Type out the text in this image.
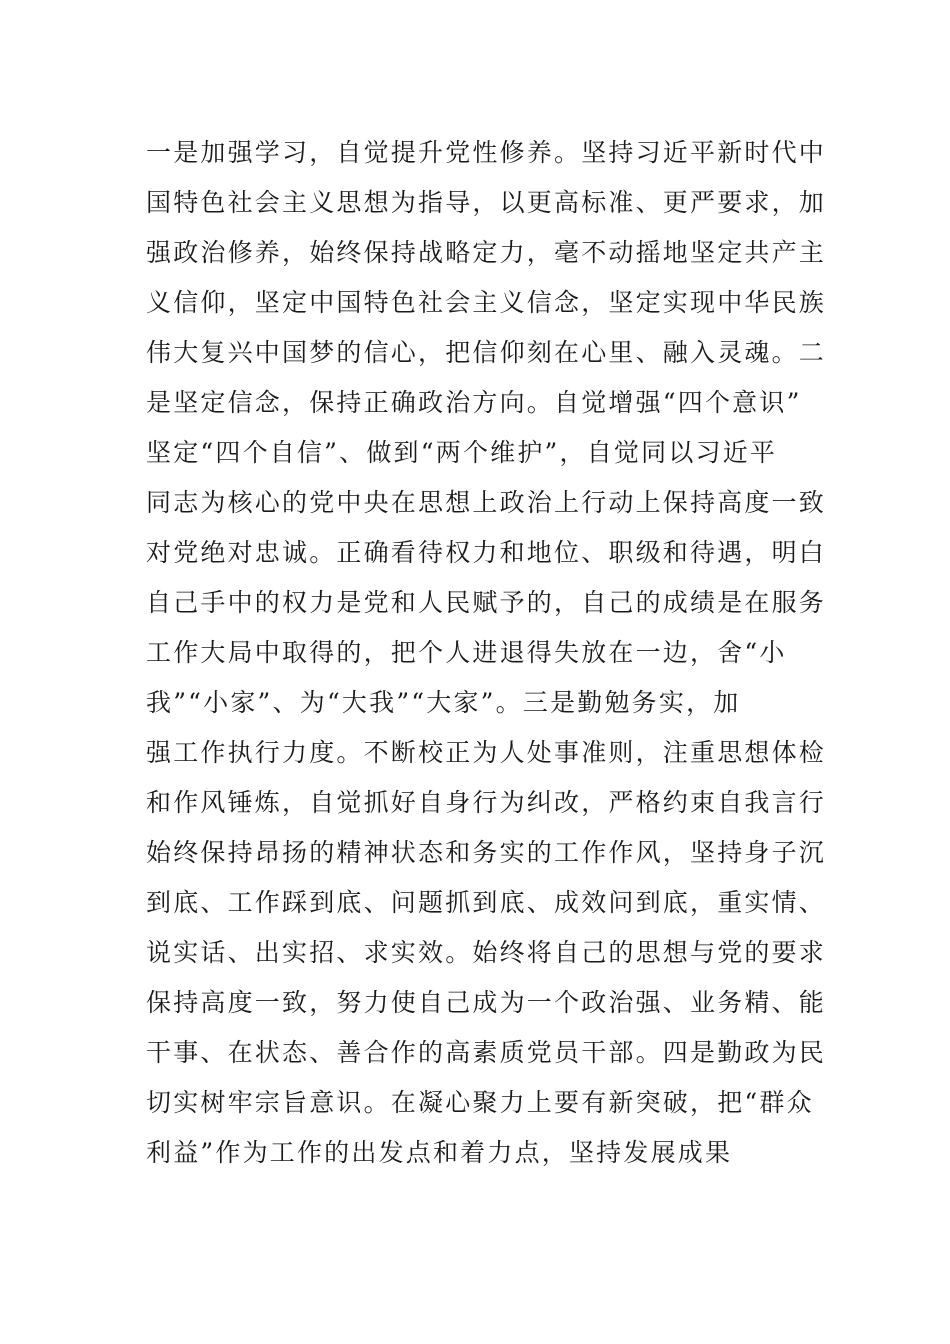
一是加强学习，自觉提升党性修养。坚持习近平新时代中
国特色社会主义思想为指导，以更高标准、更严要求，加
强政治修养，始终保持战略定力，毫不动摇地坚定共产主
义信仰，坚定中国特色社会主义信念，坚定实现中华民族
伟大复兴中国梦的信心，把信仰刻在心里、融入灵魂。二
是坚定信念，保持正确政治方向。自觉增强“四个意识”
坚定“四个自信”、做到“两个维护”，自觉同以习近平
同志为核心的党中央在思想上政治上行动上保持高度一致
对党绝对忠诚。正确看待权力和地位、职级和待遇，明白
自己手中的权力是党和人民赋予的，自己的成绩是在服务
工作大局中取得的，把个人进退得失放在一边，舍“小
我”“小家”、为“大我”“大家”。三是勤勉务实，加
强工作执行力度。不断校正为人处事准则，注重思想体检
和作风锤炼，自觉抓好自身行为纠改，严格约束自我言行
始终保持昂扬的精神状态和务实的工作作风，坚持身子沉
到底、工作踩到底、问题抓到底、成效问到底，重实情、
说实话、出实招、求实效。始终将自己的思想与党的要求
保持高度一致，努力使自己成为一个政治强、业务精、能
干事、在状态、善合作的高素质党员干部。四是勤政为民
切实树牢宗旨意识。在凝心聚力上要有新突破，把“群众
利益”作为工作的出发点和着力点，坚持发展成果
